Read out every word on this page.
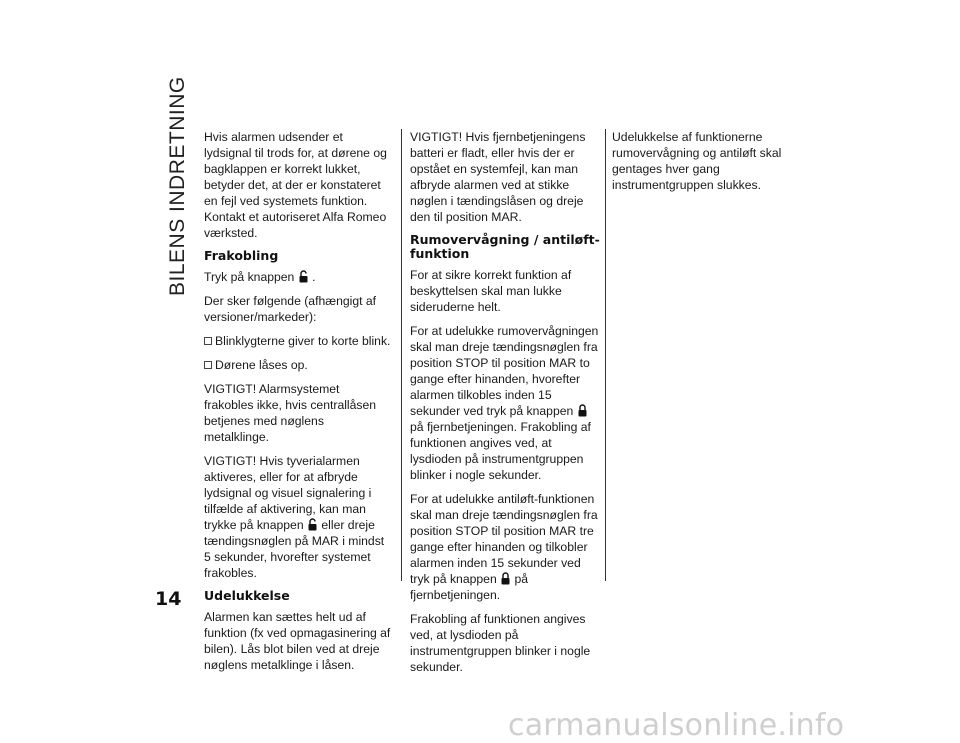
BILENS INDRETNING	Hvis alarmen udsender et lydsignal til trods for, at dørene og bagklappen er korrekt lukket, betyder det, at der er konstateret en fejl ved systemets funktion. Kontakt et autoriseret Alfa Romeo værksted.

Frakobling

Tryk på knappen .

Der sker følgende (afhængigt af versioner/markeder):

Blinklygterne giver to korte blink.

Dørene låses op.

VIGTIGT! Alarmsystemet frakobles ikke, hvis centrallåsen betjenes med nøglens metalklinge.

VIGTIGT! Hvis tyverialarmen aktiveres, eller for at afbryde lydsignal og visuel signalering i tilfælde af aktivering, kan man trykke på knappen eller dreje tændingsnøglen på MAR i mindst 5 sekunder, hvorefter systemet frakobles.

Udelukkelse

Alarmen kan sættes helt ud af funktion (fx ved opmagasinering af bilen). Lås blot bilen ved at dreje nøglens metalklinge i låsen.

VIGTIGT! Hvis fjernbetjeningens batteri er fladt, eller hvis der er opstået en systemfejl, kan man afbryde alarmen ved at stikke nøglen i tændingslåsen og dreje den til position MAR.

Rumovervågning / antiløft-funktion

For at sikre korrekt funktion af beskyttelsen skal man lukke sideruderne helt.

For at udelukke rumovervågningen skal man dreje tændingsnøglen fra position STOP til position MAR to gange efter hinanden, hvorefter alarmen tilkobles inden 15 sekunder ved tryk på knappen  på fjernbetjeningen. Frakobling af funktionen angives ved, at lysdioden på instrumentgruppen blinker i nogle sekunder.

For at udelukke antiløft-funktionen skal man dreje tændingsnøglen fra position STOP til position MAR tre gange efter hinanden og tilkobler alarmen inden 15 sekunder ved tryk på knappen på fjernbetjeningen.

Frakobling af funktionen angives ved, at lysdioden på instrumentgruppen blinker i nogle sekunder.

Udelukkelse af funktionerne rumovervågning og antiløft skal gentages hver gang instrumentgruppen slukkes.

14
carmanualsonline.info
